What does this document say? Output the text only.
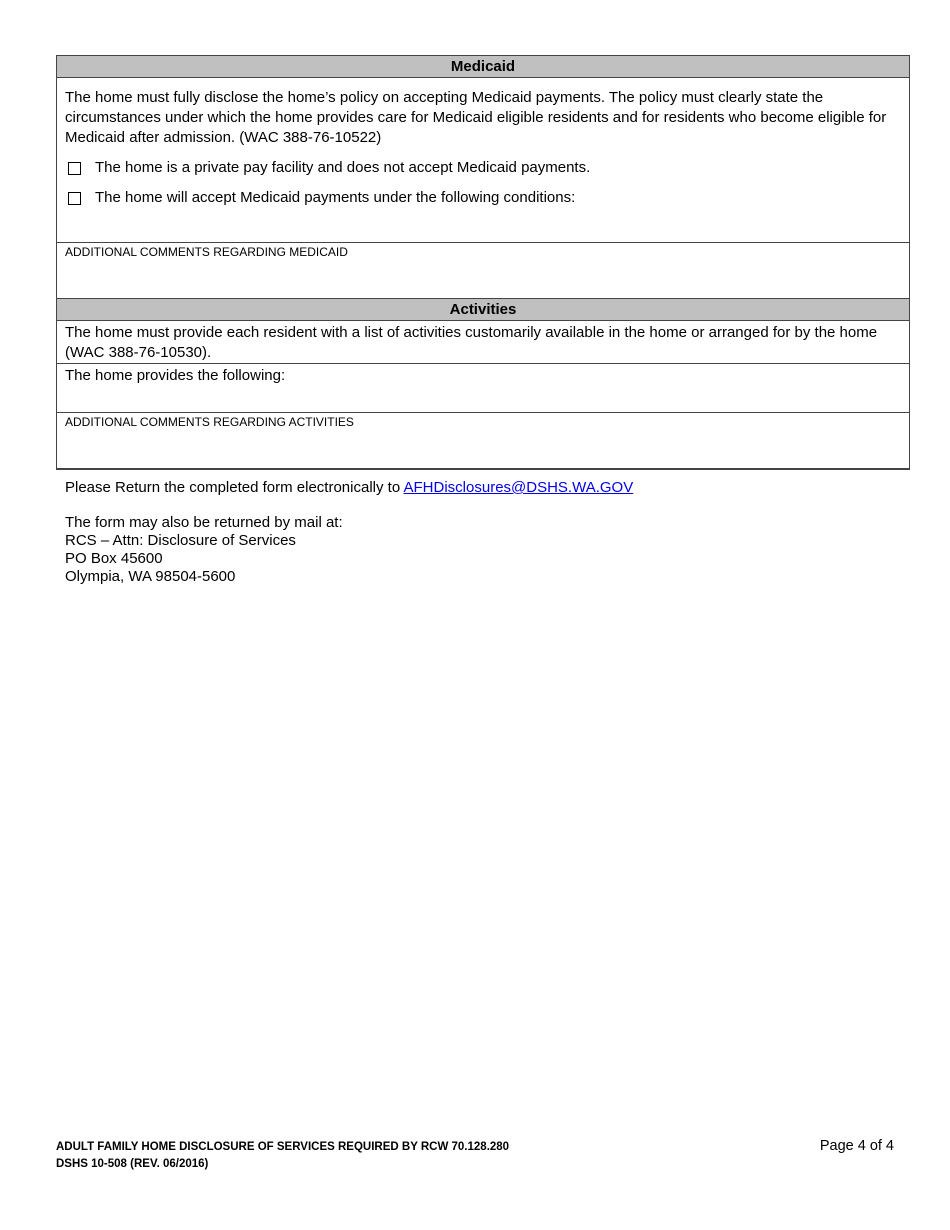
Medicaid

The home must fully disclose the home’s policy on accepting Medicaid payments. The policy must clearly state the circumstances under which the home provides care for Medicaid eligible residents and for residents who become eligible for Medicaid after admission. (WAC 388-76-10522)

The home is a private pay facility and does not accept Medicaid payments.
The home will accept Medicaid payments under the following conditions:
ADDITIONAL COMMENTS REGARDING MEDICAID
Activities
The home must provide each resident with a list of activities customarily available in the home or arranged for by the home (WAC 388-76-10530).
The home provides the following:
ADDITIONAL COMMENTS REGARDING ACTIVITIES
Please Return the completed form electronically to AFHDisclosures@DSHS.WA.GOV
The form may also be returned by mail at:
RCS – Attn: Disclosure of Services
PO Box 45600
Olympia, WA 98504-5600
ADULT FAMILY HOME DISCLOSURE OF SERVICES REQUIRED BY RCW 70.128.280
DSHS 10-508 (REV. 06/2016)
Page 4 of 4
